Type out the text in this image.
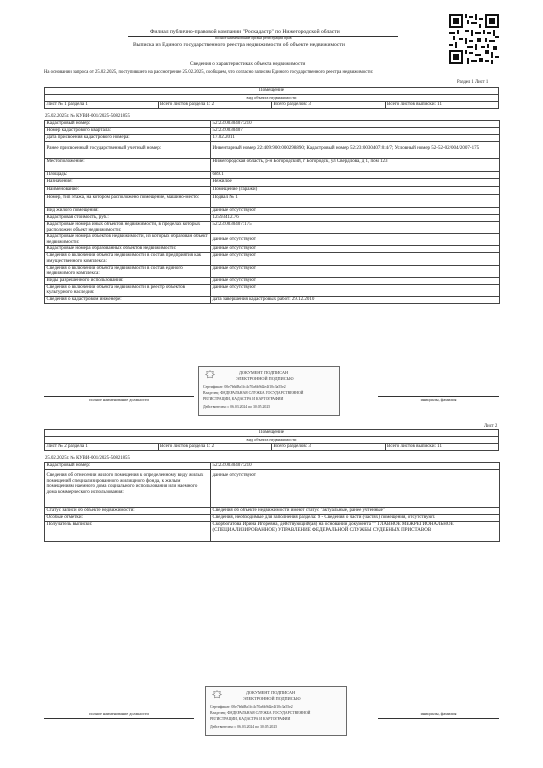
Филиал публично-правовой компании "Роскадастр" по Нижегородской области
полное наименование органа регистрации прав
Выписка из Единого государственного реестра недвижимости об объекте недвижимости
Сведения о характеристиках объекта недвижимости
На основании запроса от 25.02.2025, поступившего на рассмотрение 25.02.2025, сообщаем, что согласно записям Единого государственного реестра недвижимости:
Раздел 1 Лист 1
Помещение
вид объекта недвижимости
Лист № 1 раздела 1	Всего листов раздела 1: 2	Всего разделов: 3	Всего листов выписки: 11
25.02.2025г. № КУВИ-001/2025-50821855
Кадастровый номер:	52:23:0030407:210
Номер кадастрового квартала:	52:23:0030407
Дата присвоения кадастрового номера:	17.02.2011
Ранее присвоенный государственный учетный номер:	Инвентарный номер 22:409:900:000298890; Кадастровый номер 52:23:0030407:0:4/7; Условный номер 52-52-02/004/2007-175
Местоположение:	Нижегородская область, р-н Богородский, г Богородск, ул Свердлова, д 1, пом 123
Площадь:	689.1
Назначение:	Нежилое
Наименование:	Помещение (гаражи)
Номер, тип этажа, на котором расположено помещение, машино-место:	Подвал № 1
Вид жилого помещения:	данные отсутствуют
Кадастровая стоимость, руб.:	12593412.76
Кадастровые номера иных объектов недвижимости, в пределах которых расположен объект недвижимости:	52:23:0030407:175
Кадастровые номера объектов недвижимости, из которых образован объект недвижимости:	данные отсутствуют
Кадастровые номера образованных объектов недвижимости:	данные отсутствуют
Сведения о включении объекта недвижимости в состав предприятия как имущественного комплекса:	данные отсутствуют
Сведения о включении объекта недвижимости в состав единого недвижимого комплекса:	данные отсутствуют
Виды разрешенного использования:	данные отсутствуют
Сведения о включении объекта недвижимости в реестр объектов культурного наследия:	данные отсутствуют
Сведения о кадастровом инженере:	дата завершения кадастровых работ: 29.12.2010
полное наименование должности	инициалы, фамилия
ДОКУМЕНТ ПОДПИСАН
ЭЛЕКТРОННОЙ ПОДПИСЬЮ
Сертификат: 00e7b6d8a1fc4c70a6b9d2e4f10c3a55e2
Владелец: ФЕДЕРАЛЬНАЯ СЛУЖБА ГОСУДАРСТВЕННОЙ
РЕГИСТРАЦИИ, КАДАСТРА И КАРТОГРАФИИ
Действителен: с 06.03.2024 по 30.05.2025
Лист 2
Помещение
вид объекта недвижимости
Лист № 2 раздела 1	Всего листов раздела 1: 2	Всего разделов: 3	Всего листов выписки: 11
25.02.2025г. № КУВИ-001/2025-50821855
Кадастровый номер:	52:23:0030407:210
Сведения об отнесении жилого помещения к определенному виду жилых помещений специализированного жилищного фонда, к жилым помещениям наемного дома социального использования или наемного дома коммерческого использования:	данные отсутствуют
Статус записи об объекте недвижимости:	Сведения об объекте недвижимости имеют статус "актуальные, ранее учтенные"
Особые отметки:	Сведения, необходимые для заполнения раздела: 9 - Сведения о части (частях) помещения, отсутствуют.
Получатель выписки:	Скорбогатова Ирина Игоревна, действующий(ая) на основании документа "" ГЛАВНОЕ МЕЖРЕГИОНАЛЬНОЕ (СПЕЦИАЛИЗИРОВАННОЕ) УПРАВЛЕНИЕ ФЕДЕРАЛЬНОЙ СЛУЖБЫ СУДЕБНЫХ ПРИСТАВОВ
полное наименование должности	инициалы, фамилия
ДОКУМЕНТ ПОДПИСАН
ЭЛЕКТРОННОЙ ПОДПИСЬЮ
Сертификат: 00e7b6d8a1fc4c70a6b9d2e4f10c3a55e2
Владелец: ФЕДЕРАЛЬНАЯ СЛУЖБА ГОСУДАРСТВЕННОЙ
РЕГИСТРАЦИИ, КАДАСТРА И КАРТОГРАФИИ
Действителен: с 06.03.2024 по 30.05.2025
